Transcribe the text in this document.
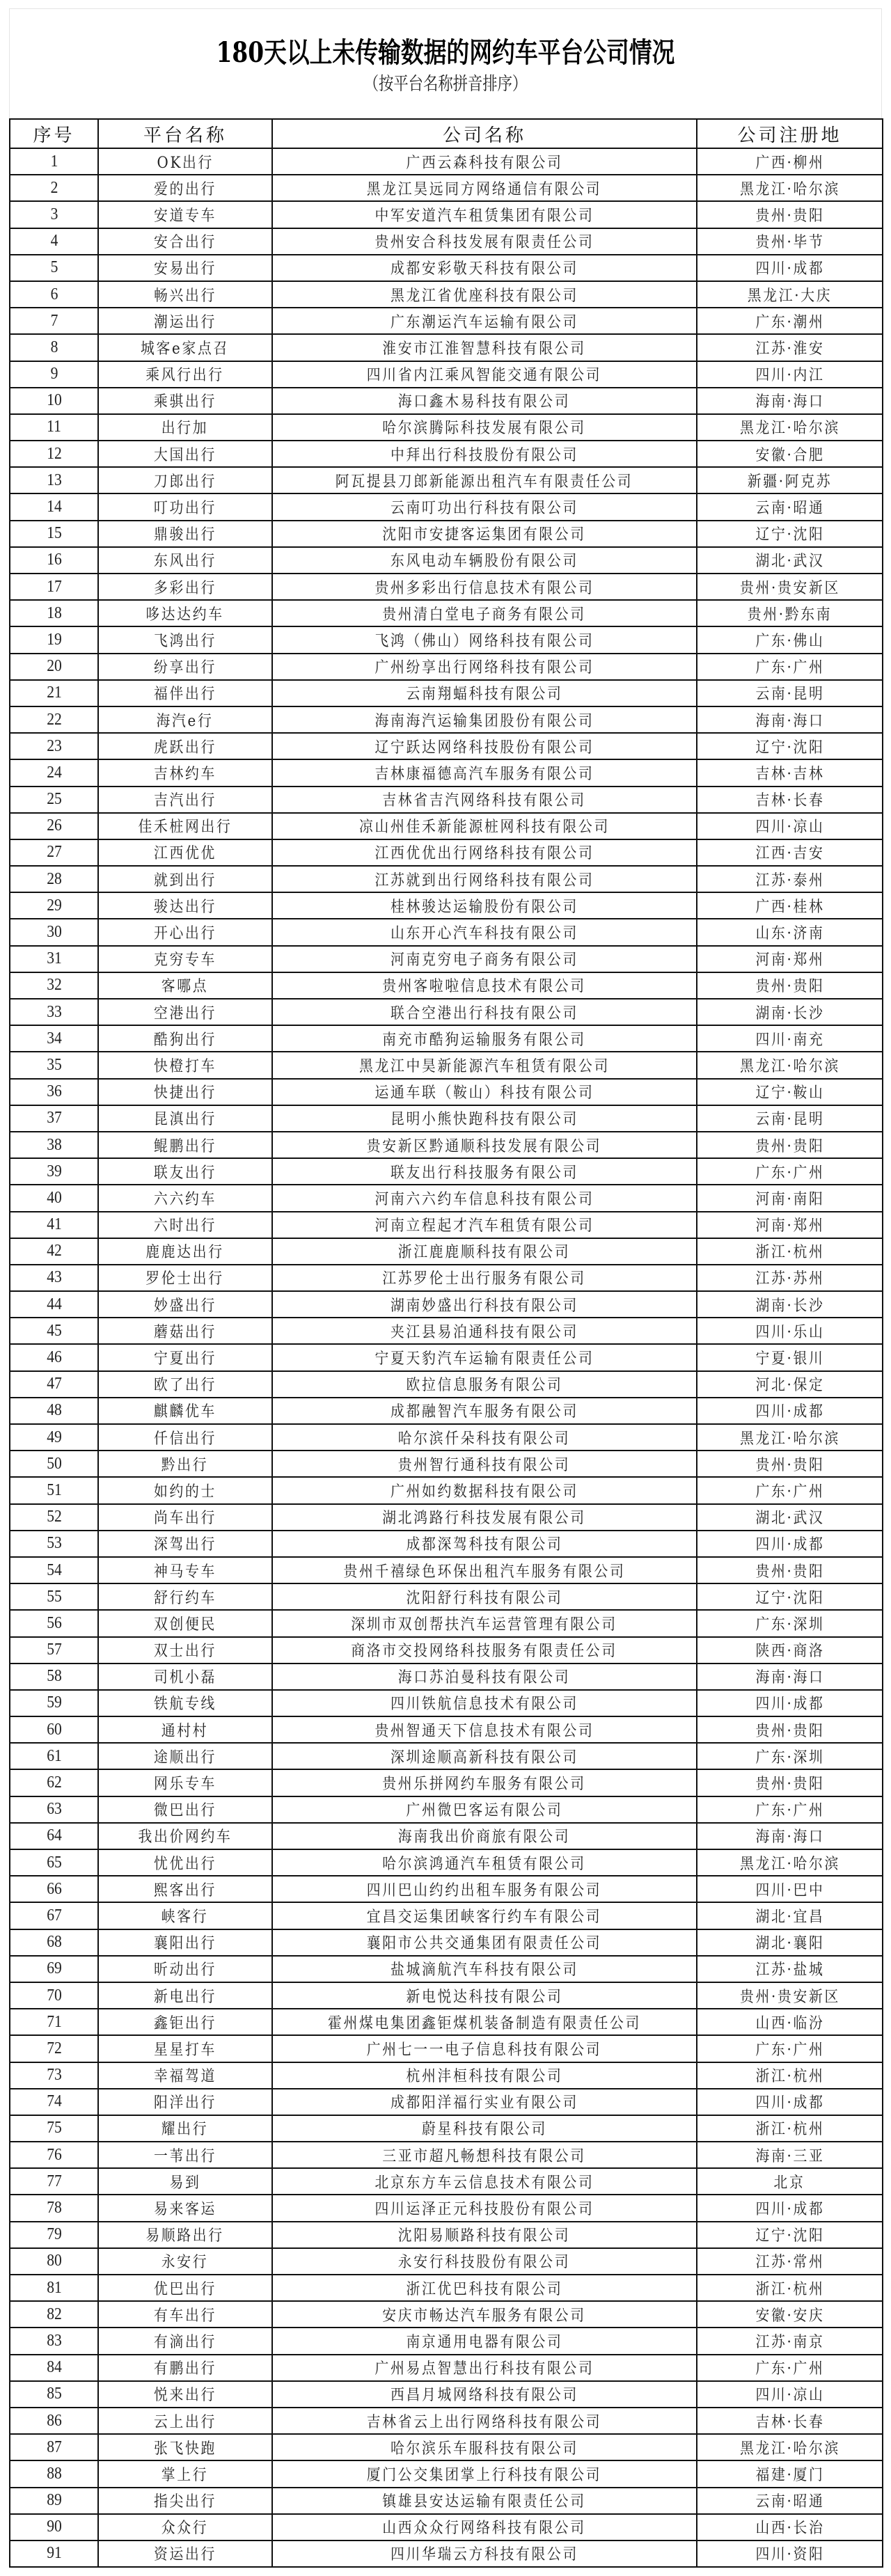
180天以上未传输数据的网约车平台公司情况
（按平台名称拼音排序）
序号	平台名称	公司名称	公司注册地
1	OK出行	广西云森科技有限公司	广西·柳州
2	爱的出行	黑龙江昊远同方网络通信有限公司	黑龙江·哈尔滨
3	安道专车	中军安道汽车租赁集团有限公司	贵州·贵阳
4	安合出行	贵州安合科技发展有限责任公司	贵州·毕节
5	安易出行	成都安彩敬天科技有限公司	四川·成都
6	畅兴出行	黑龙江省优座科技有限公司	黑龙江·大庆
7	潮运出行	广东潮运汽车运输有限公司	广东·潮州
8	城客e家点召	淮安市江淮智慧科技有限公司	江苏·淮安
9	乘风行出行	四川省内江乘风智能交通有限公司	四川·内江
10	乘骐出行	海口鑫木易科技有限公司	海南·海口
11	出行加	哈尔滨腾际科技发展有限公司	黑龙江·哈尔滨
12	大国出行	中拜出行科技股份有限公司	安徽·合肥
13	刀郎出行	阿瓦提县刀郎新能源出租汽车有限责任公司	新疆·阿克苏
14	叮功出行	云南叮功出行科技有限公司	云南·昭通
15	鼎骏出行	沈阳市安捷客运集团有限公司	辽宁·沈阳
16	东风出行	东风电动车辆股份有限公司	湖北·武汉
17	多彩出行	贵州多彩出行信息技术有限公司	贵州·贵安新区
18	哆达达约车	贵州清白堂电子商务有限公司	贵州·黔东南
19	飞鸿出行	飞鸿（佛山）网络科技有限公司	广东·佛山
20	纷享出行	广州纷享出行网络科技有限公司	广东·广州
21	福伴出行	云南翔蝠科技有限公司	云南·昆明
22	海汽e行	海南海汽运输集团股份有限公司	海南·海口
23	虎跃出行	辽宁跃达网络科技股份有限公司	辽宁·沈阳
24	吉林约车	吉林康福德高汽车服务有限公司	吉林·吉林
25	吉汽出行	吉林省吉汽网络科技有限公司	吉林·长春
26	佳禾桩网出行	凉山州佳禾新能源桩网科技有限公司	四川·凉山
27	江西优优	江西优优出行网络科技有限公司	江西·吉安
28	就到出行	江苏就到出行网络科技有限公司	江苏·泰州
29	骏达出行	桂林骏达运输股份有限公司	广西·桂林
30	开心出行	山东开心汽车科技有限公司	山东·济南
31	克穷专车	河南克穷电子商务有限公司	河南·郑州
32	客哪点	贵州客啦啦信息技术有限公司	贵州·贵阳
33	空港出行	联合空港出行科技有限公司	湖南·长沙
34	酷狗出行	南充市酷狗运输服务有限公司	四川·南充
35	快橙打车	黑龙江中昊新能源汽车租赁有限公司	黑龙江·哈尔滨
36	快捷出行	运通车联（鞍山）科技有限公司	辽宁·鞍山
37	昆滇出行	昆明小熊快跑科技有限公司	云南·昆明
38	鲲鹏出行	贵安新区黔通顺科技发展有限公司	贵州·贵阳
39	联友出行	联友出行科技服务有限公司	广东·广州
40	六六约车	河南六六约车信息科技有限公司	河南·南阳
41	六时出行	河南立程起才汽车租赁有限公司	河南·郑州
42	鹿鹿达出行	浙江鹿鹿顺科技有限公司	浙江·杭州
43	罗伦士出行	江苏罗伦士出行服务有限公司	江苏·苏州
44	妙盛出行	湖南妙盛出行科技有限公司	湖南·长沙
45	蘑菇出行	夹江县易泊通科技有限公司	四川·乐山
46	宁夏出行	宁夏天豹汽车运输有限责任公司	宁夏·银川
47	欧了出行	欧拉信息服务有限公司	河北·保定
48	麒麟优车	成都融智汽车服务有限公司	四川·成都
49	仟信出行	哈尔滨仟朵科技有限公司	黑龙江·哈尔滨
50	黔出行	贵州智行通科技有限公司	贵州·贵阳
51	如约的士	广州如约数据科技有限公司	广东·广州
52	尚车出行	湖北鸿路行科技发展有限公司	湖北·武汉
53	深驾出行	成都深驾科技有限公司	四川·成都
54	神马专车	贵州千禧绿色环保出租汽车服务有限公司	贵州·贵阳
55	舒行约车	沈阳舒行科技有限公司	辽宁·沈阳
56	双创便民	深圳市双创帮扶汽车运营管理有限公司	广东·深圳
57	双士出行	商洛市交投网络科技服务有限责任公司	陕西·商洛
58	司机小磊	海口苏泊曼科技有限公司	海南·海口
59	铁航专线	四川铁航信息技术有限公司	四川·成都
60	通村村	贵州智通天下信息技术有限公司	贵州·贵阳
61	途顺出行	深圳途顺高新科技有限公司	广东·深圳
62	网乐专车	贵州乐拼网约车服务有限公司	贵州·贵阳
63	微巴出行	广州微巴客运有限公司	广东·广州
64	我出价网约车	海南我出价商旅有限公司	海南·海口
65	忧优出行	哈尔滨鸿通汽车租赁有限公司	黑龙江·哈尔滨
66	熙客出行	四川巴山约约出租车服务有限公司	四川·巴中
67	峡客行	宜昌交运集团峡客行约车有限公司	湖北·宜昌
68	襄阳出行	襄阳市公共交通集团有限责任公司	湖北·襄阳
69	昕动出行	盐城滴航汽车科技有限公司	江苏·盐城
70	新电出行	新电悦达科技有限公司	贵州·贵安新区
71	鑫钜出行	霍州煤电集团鑫钜煤机装备制造有限责任公司	山西·临汾
72	星星打车	广州七一一电子信息科技有限公司	广东·广州
73	幸福驾道	杭州沣桓科技有限公司	浙江·杭州
74	阳洋出行	成都阳洋福行实业有限公司	四川·成都
75	耀出行	蔚星科技有限公司	浙江·杭州
76	一苇出行	三亚市超凡畅想科技有限公司	海南·三亚
77	易到	北京东方车云信息技术有限公司	北京
78	易来客运	四川运泽正元科技股份有限公司	四川·成都
79	易顺路出行	沈阳易顺路科技有限公司	辽宁·沈阳
80	永安行	永安行科技股份有限公司	江苏·常州
81	优巴出行	浙江优巴科技有限公司	浙江·杭州
82	有车出行	安庆市畅达汽车服务有限公司	安徽·安庆
83	有滴出行	南京通用电器有限公司	江苏·南京
84	有鹏出行	广州易点智慧出行科技有限公司	广东·广州
85	悦来出行	西昌月城网络科技有限公司	四川·凉山
86	云上出行	吉林省云上出行网络科技有限公司	吉林·长春
87	张飞快跑	哈尔滨乐车服科技有限公司	黑龙江·哈尔滨
88	掌上行	厦门公交集团掌上行科技有限公司	福建·厦门
89	指尖出行	镇雄县安达运输有限责任公司	云南·昭通
90	众众行	山西众众行网络科技有限公司	山西·长治
91	资运出行	四川华瑞云方科技有限公司	四川·资阳
